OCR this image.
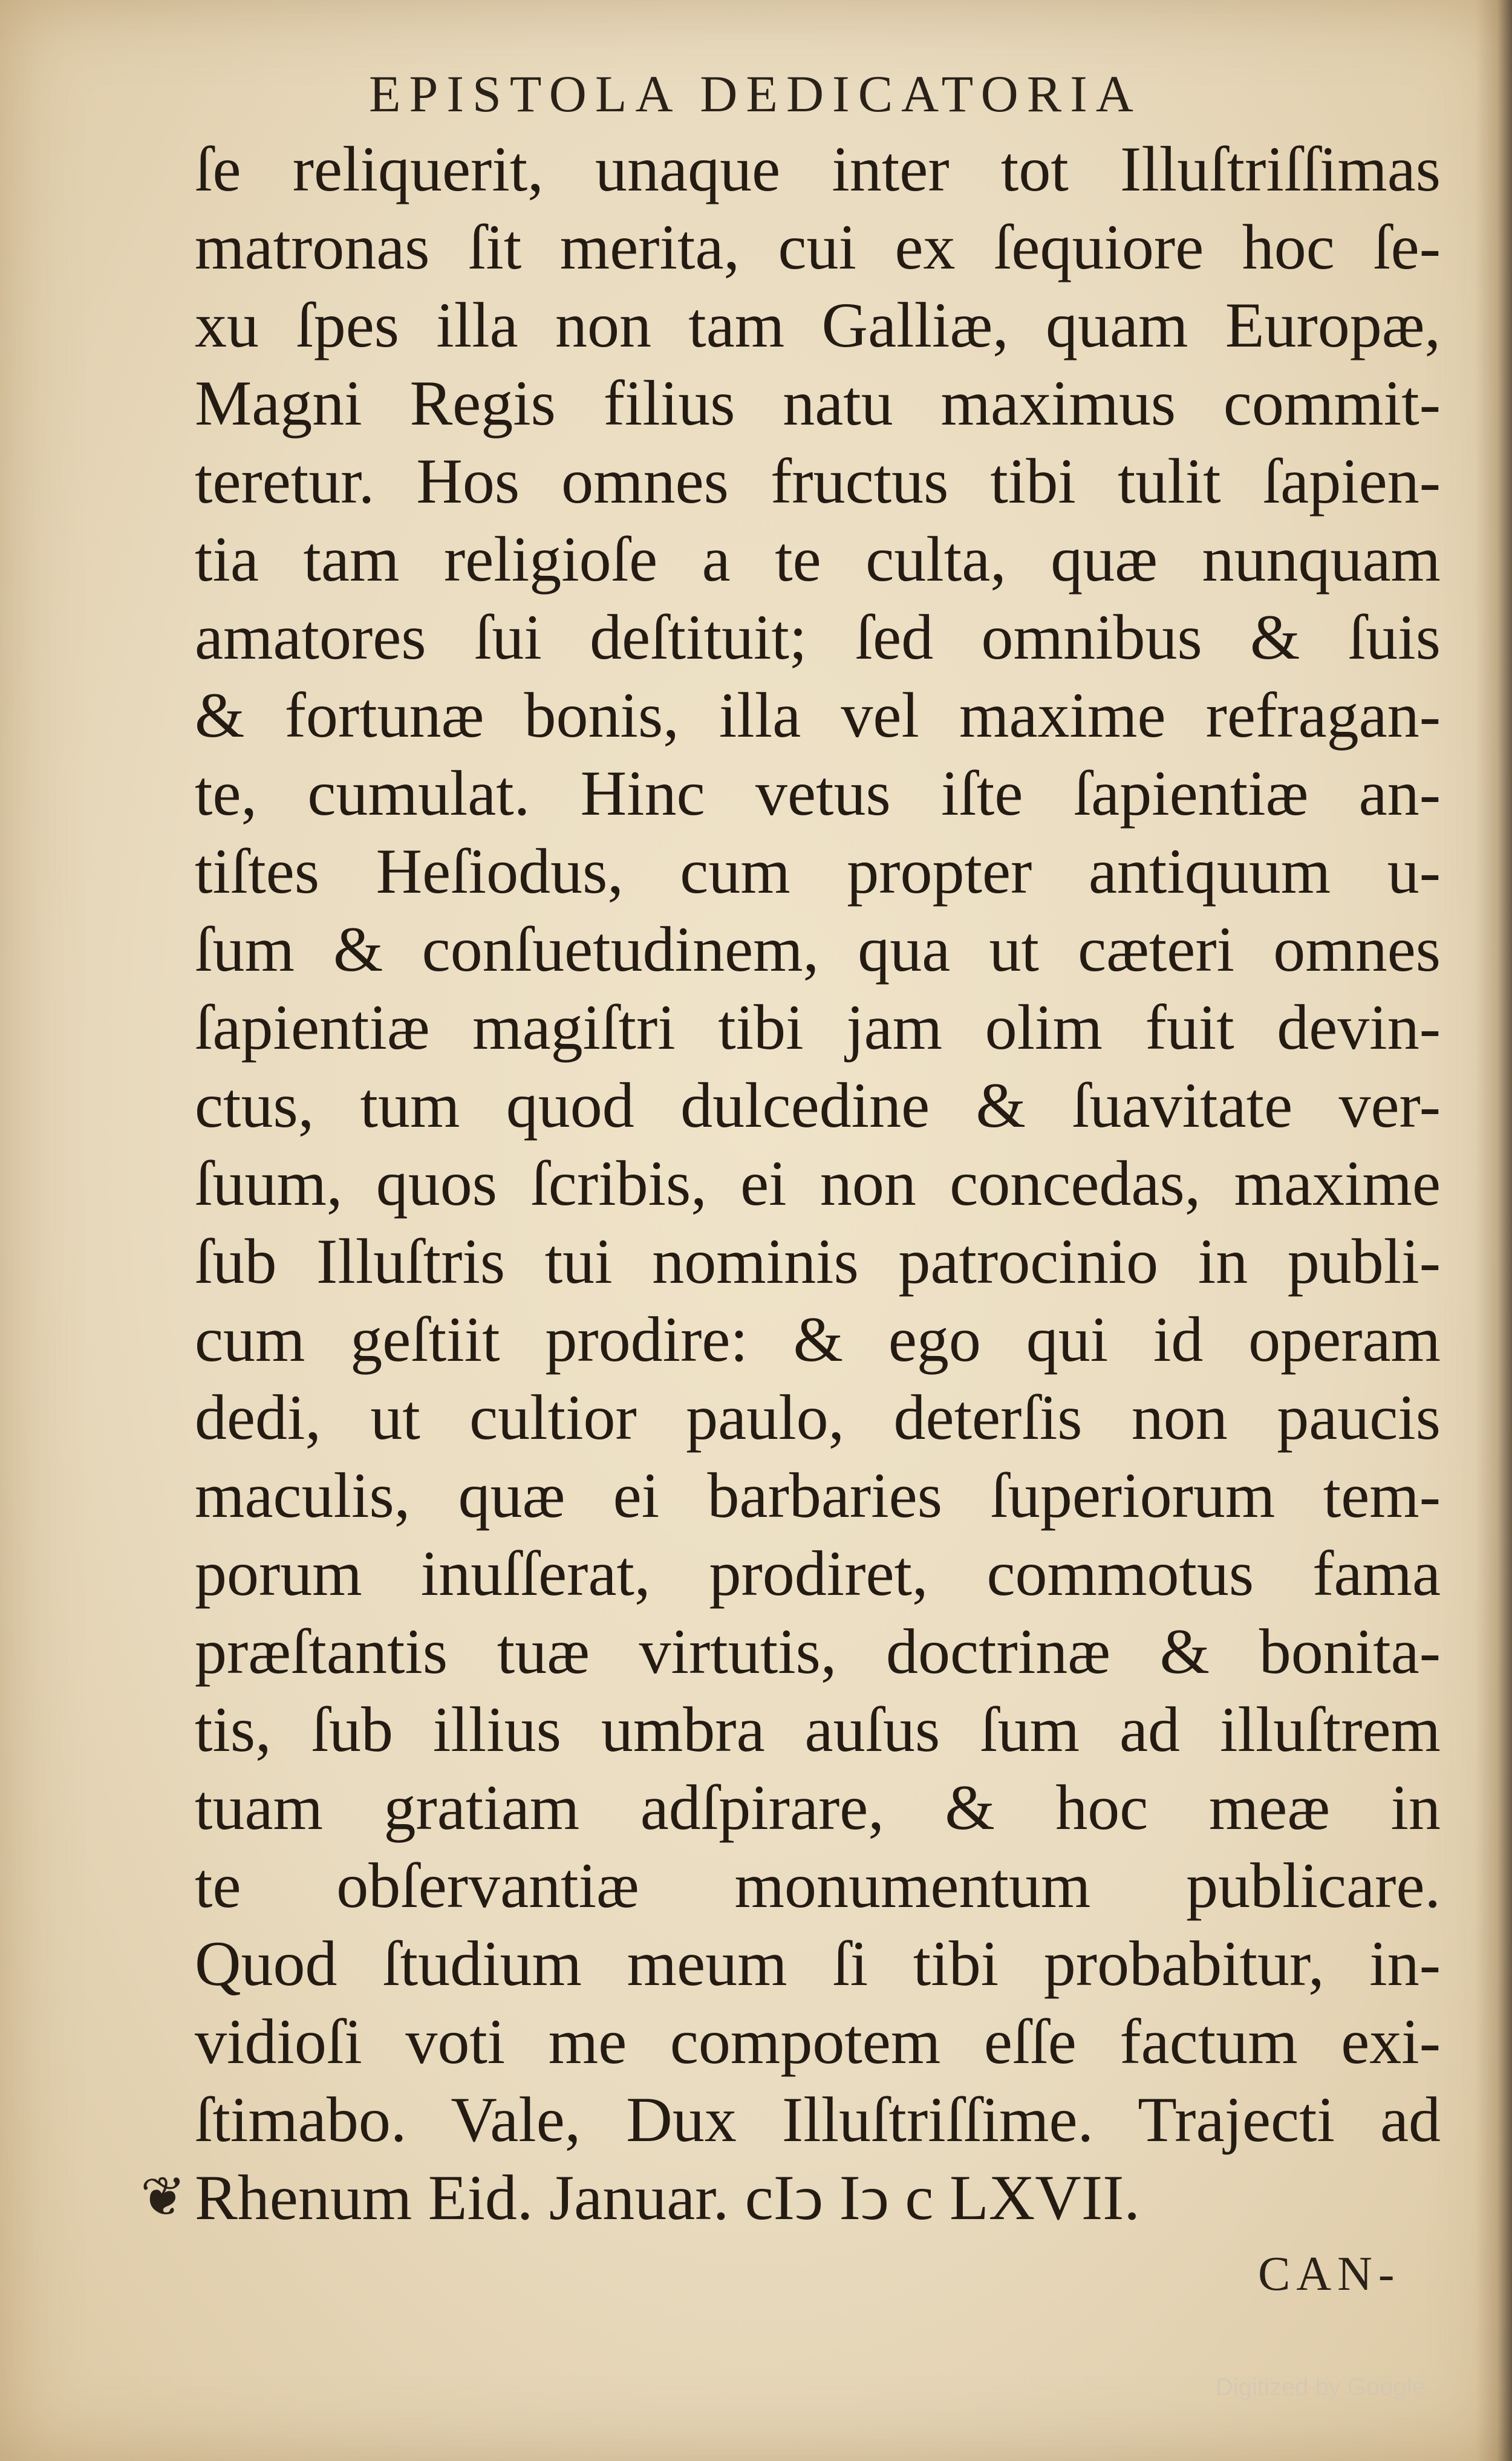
EPISTOLA DEDICATORIA
ſe reliquerit, unaque inter tot Illuſtriſſimas
matronas ſit merita, cui ex ſequiore hoc ſe-
xu ſpes illa non tam Galliæ, quam Europæ,
Magni Regis filius natu maximus commit-
teretur. Hos omnes fructus tibi tulit ſapien-
tia tam religioſe a te culta, quæ nunquam
amatores ſui deſtituit; ſed omnibus & ſuis
& fortunæ bonis, illa vel maxime refragan-
te, cumulat. Hinc vetus iſte ſapientiæ an-
tiſtes Heſiodus, cum propter antiquum u-
ſum & conſuetudinem, qua ut cæteri omnes
ſapientiæ magiſtri tibi jam olim fuit devin-
ctus, tum quod dulcedine & ſuavitate ver-
ſuum, quos ſcribis, ei non concedas, maxime
ſub Illuſtris tui nominis patrocinio in publi-
cum geſtiit prodire: & ego qui id operam
dedi, ut cultior paulo, deterſis non paucis
maculis, quæ ei barbaries ſuperiorum tem-
porum inuſſerat, prodiret, commotus fama
præſtantis tuæ virtutis, doctrinæ & bonita-
tis, ſub illius umbra auſus ſum ad illuſtrem
tuam gratiam adſpirare, & hoc meæ in
te obſervantiæ monumentum publicare.
Quod ſtudium meum ſi tibi probabitur, in-
vidioſi voti me compotem eſſe factum exi-
ſtimabo. Vale, Dux Illuſtriſſime. Trajecti ad
❦ Rhenum Eid. Januar. cIↄ Iↄ c LXVII.
CAN-
Digitized by Google
